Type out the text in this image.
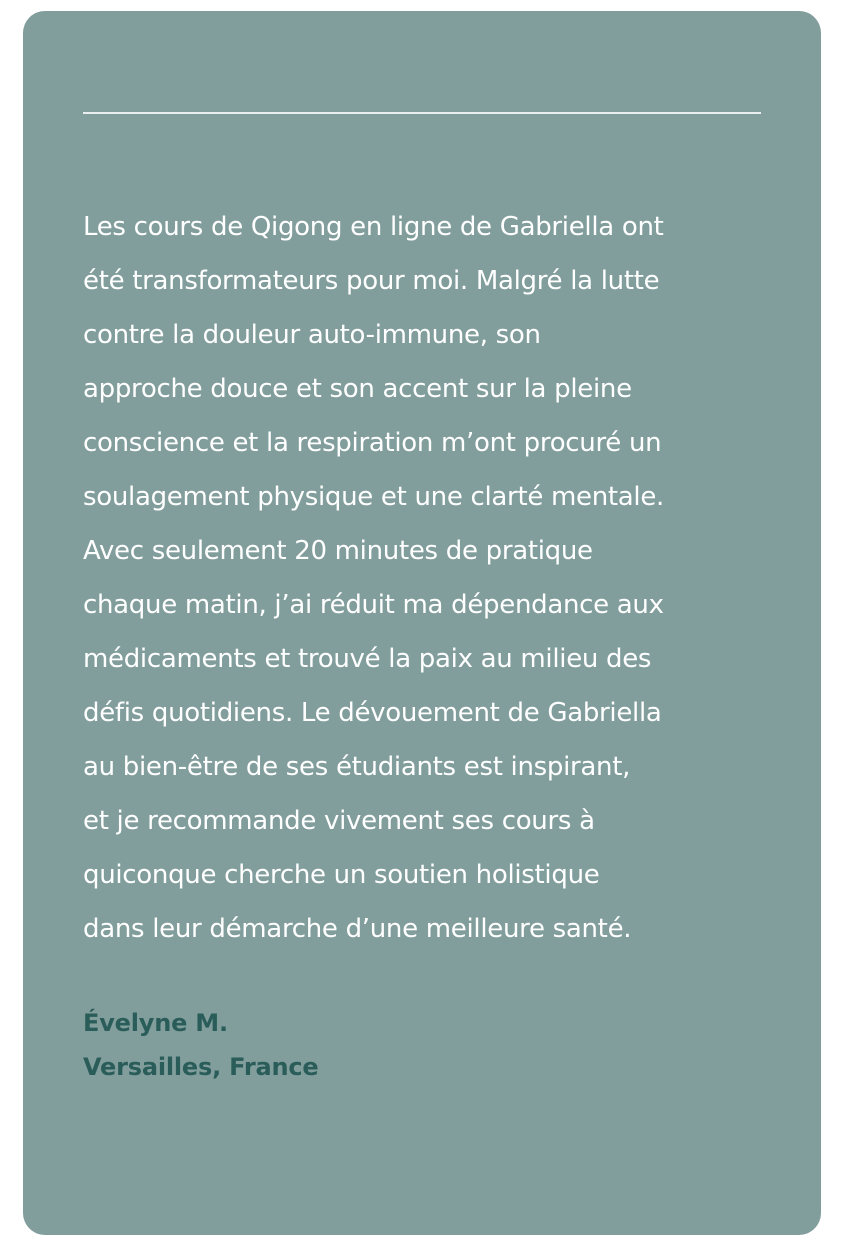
Les cours de Qigong en ligne de Gabriella ont
été transformateurs pour moi. Malgré la lutte
contre la douleur auto-immune, son
approche douce et son accent sur la pleine
conscience et la respiration m’ont procuré un
soulagement physique et une clarté mentale.
Avec seulement 20 minutes de pratique
chaque matin, j’ai réduit ma dépendance aux
médicaments et trouvé la paix au milieu des
défis quotidiens. Le dévouement de Gabriella
au bien-être de ses étudiants est inspirant,
et je recommande vivement ses cours à
quiconque cherche un soutien holistique
dans leur démarche d’une meilleure santé.

Évelyne M.
Versailles, France
